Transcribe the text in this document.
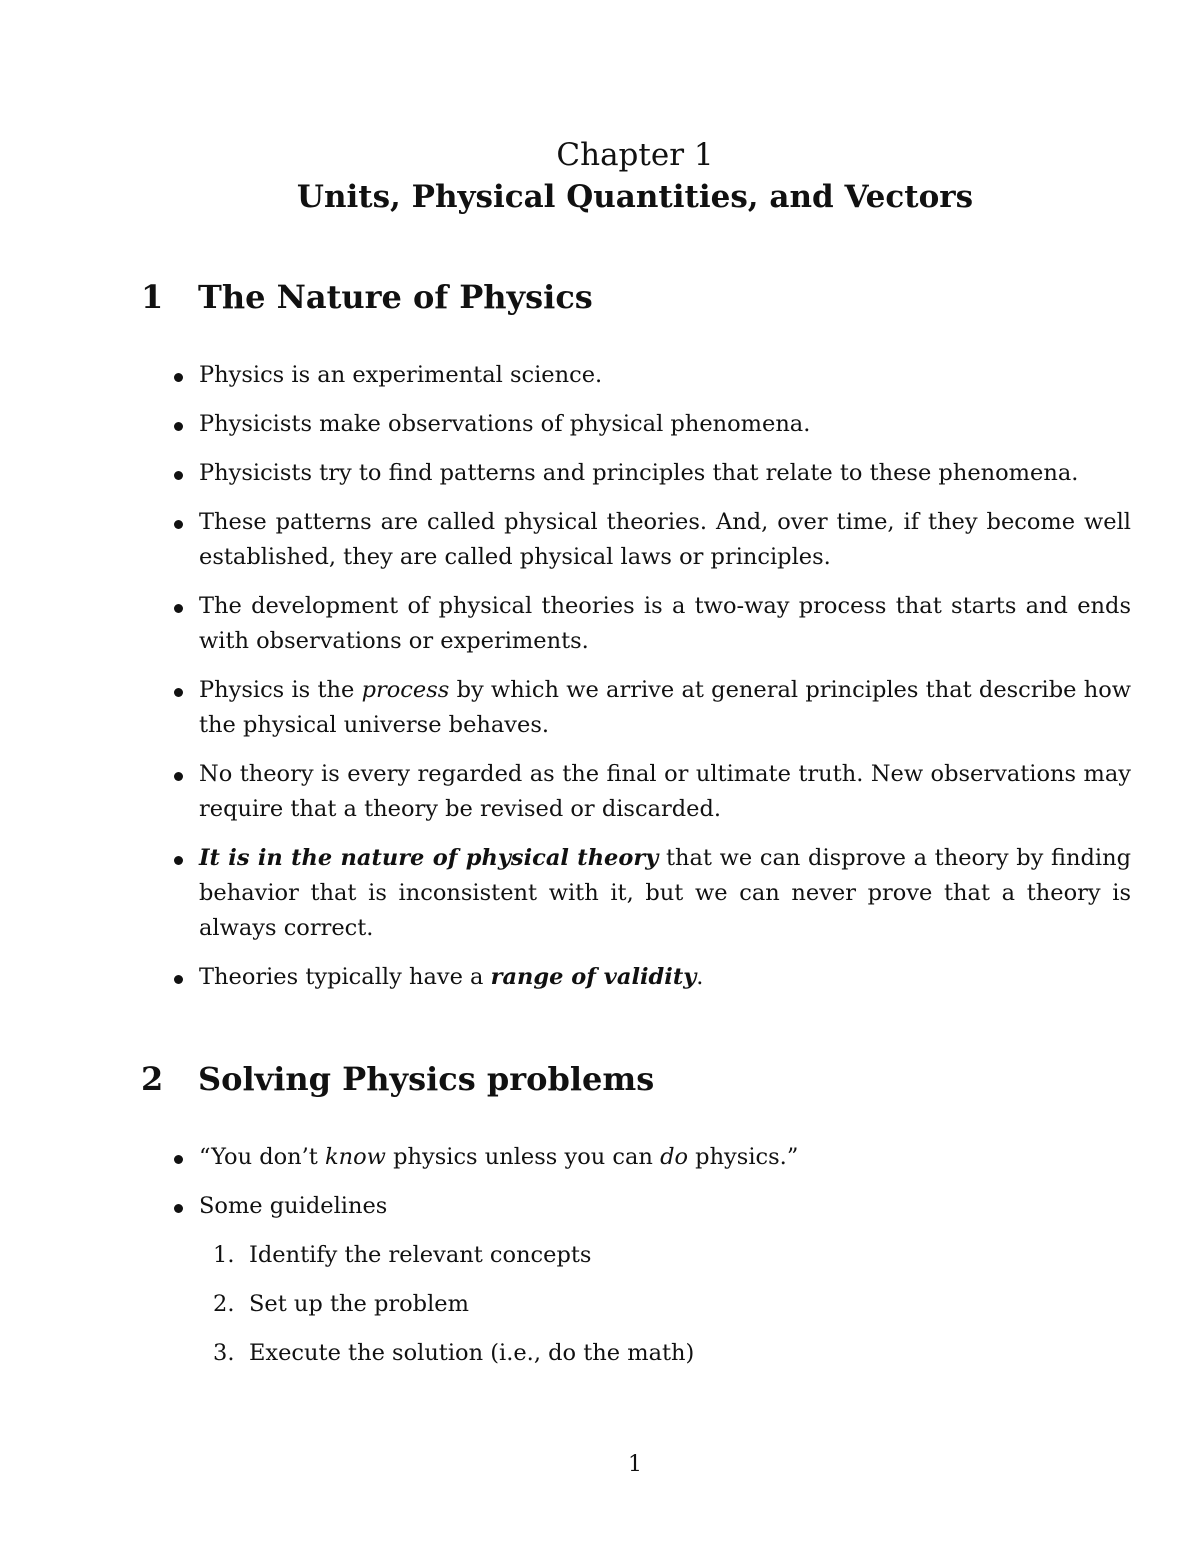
Chapter 1
Units, Physical Quantities, and Vectors
1 The Nature of Physics
Physics is an experimental science.
Physicists make observations of physical phenomena.
Physicists try to find patterns and principles that relate to these phenomena.
These patterns are called physical theories. And, over time, if they become well established, they are called physical laws or principles.
The development of physical theories is a two-way process that starts and ends with observations or experiments.
Physics is the process by which we arrive at general principles that describe how the physical universe behaves.
No theory is every regarded as the final or ultimate truth. New observations may require that a theory be revised or discarded.
It is in the nature of physical theory that we can disprove a theory by finding behavior that is inconsistent with it, but we can never prove that a theory is always correct.
Theories typically have a range of validity.
2 Solving Physics problems
“You don’t know physics unless you can do physics.”
Some guidelines
1. Identify the relevant concepts
2. Set up the problem
3. Execute the solution (i.e., do the math)
1
